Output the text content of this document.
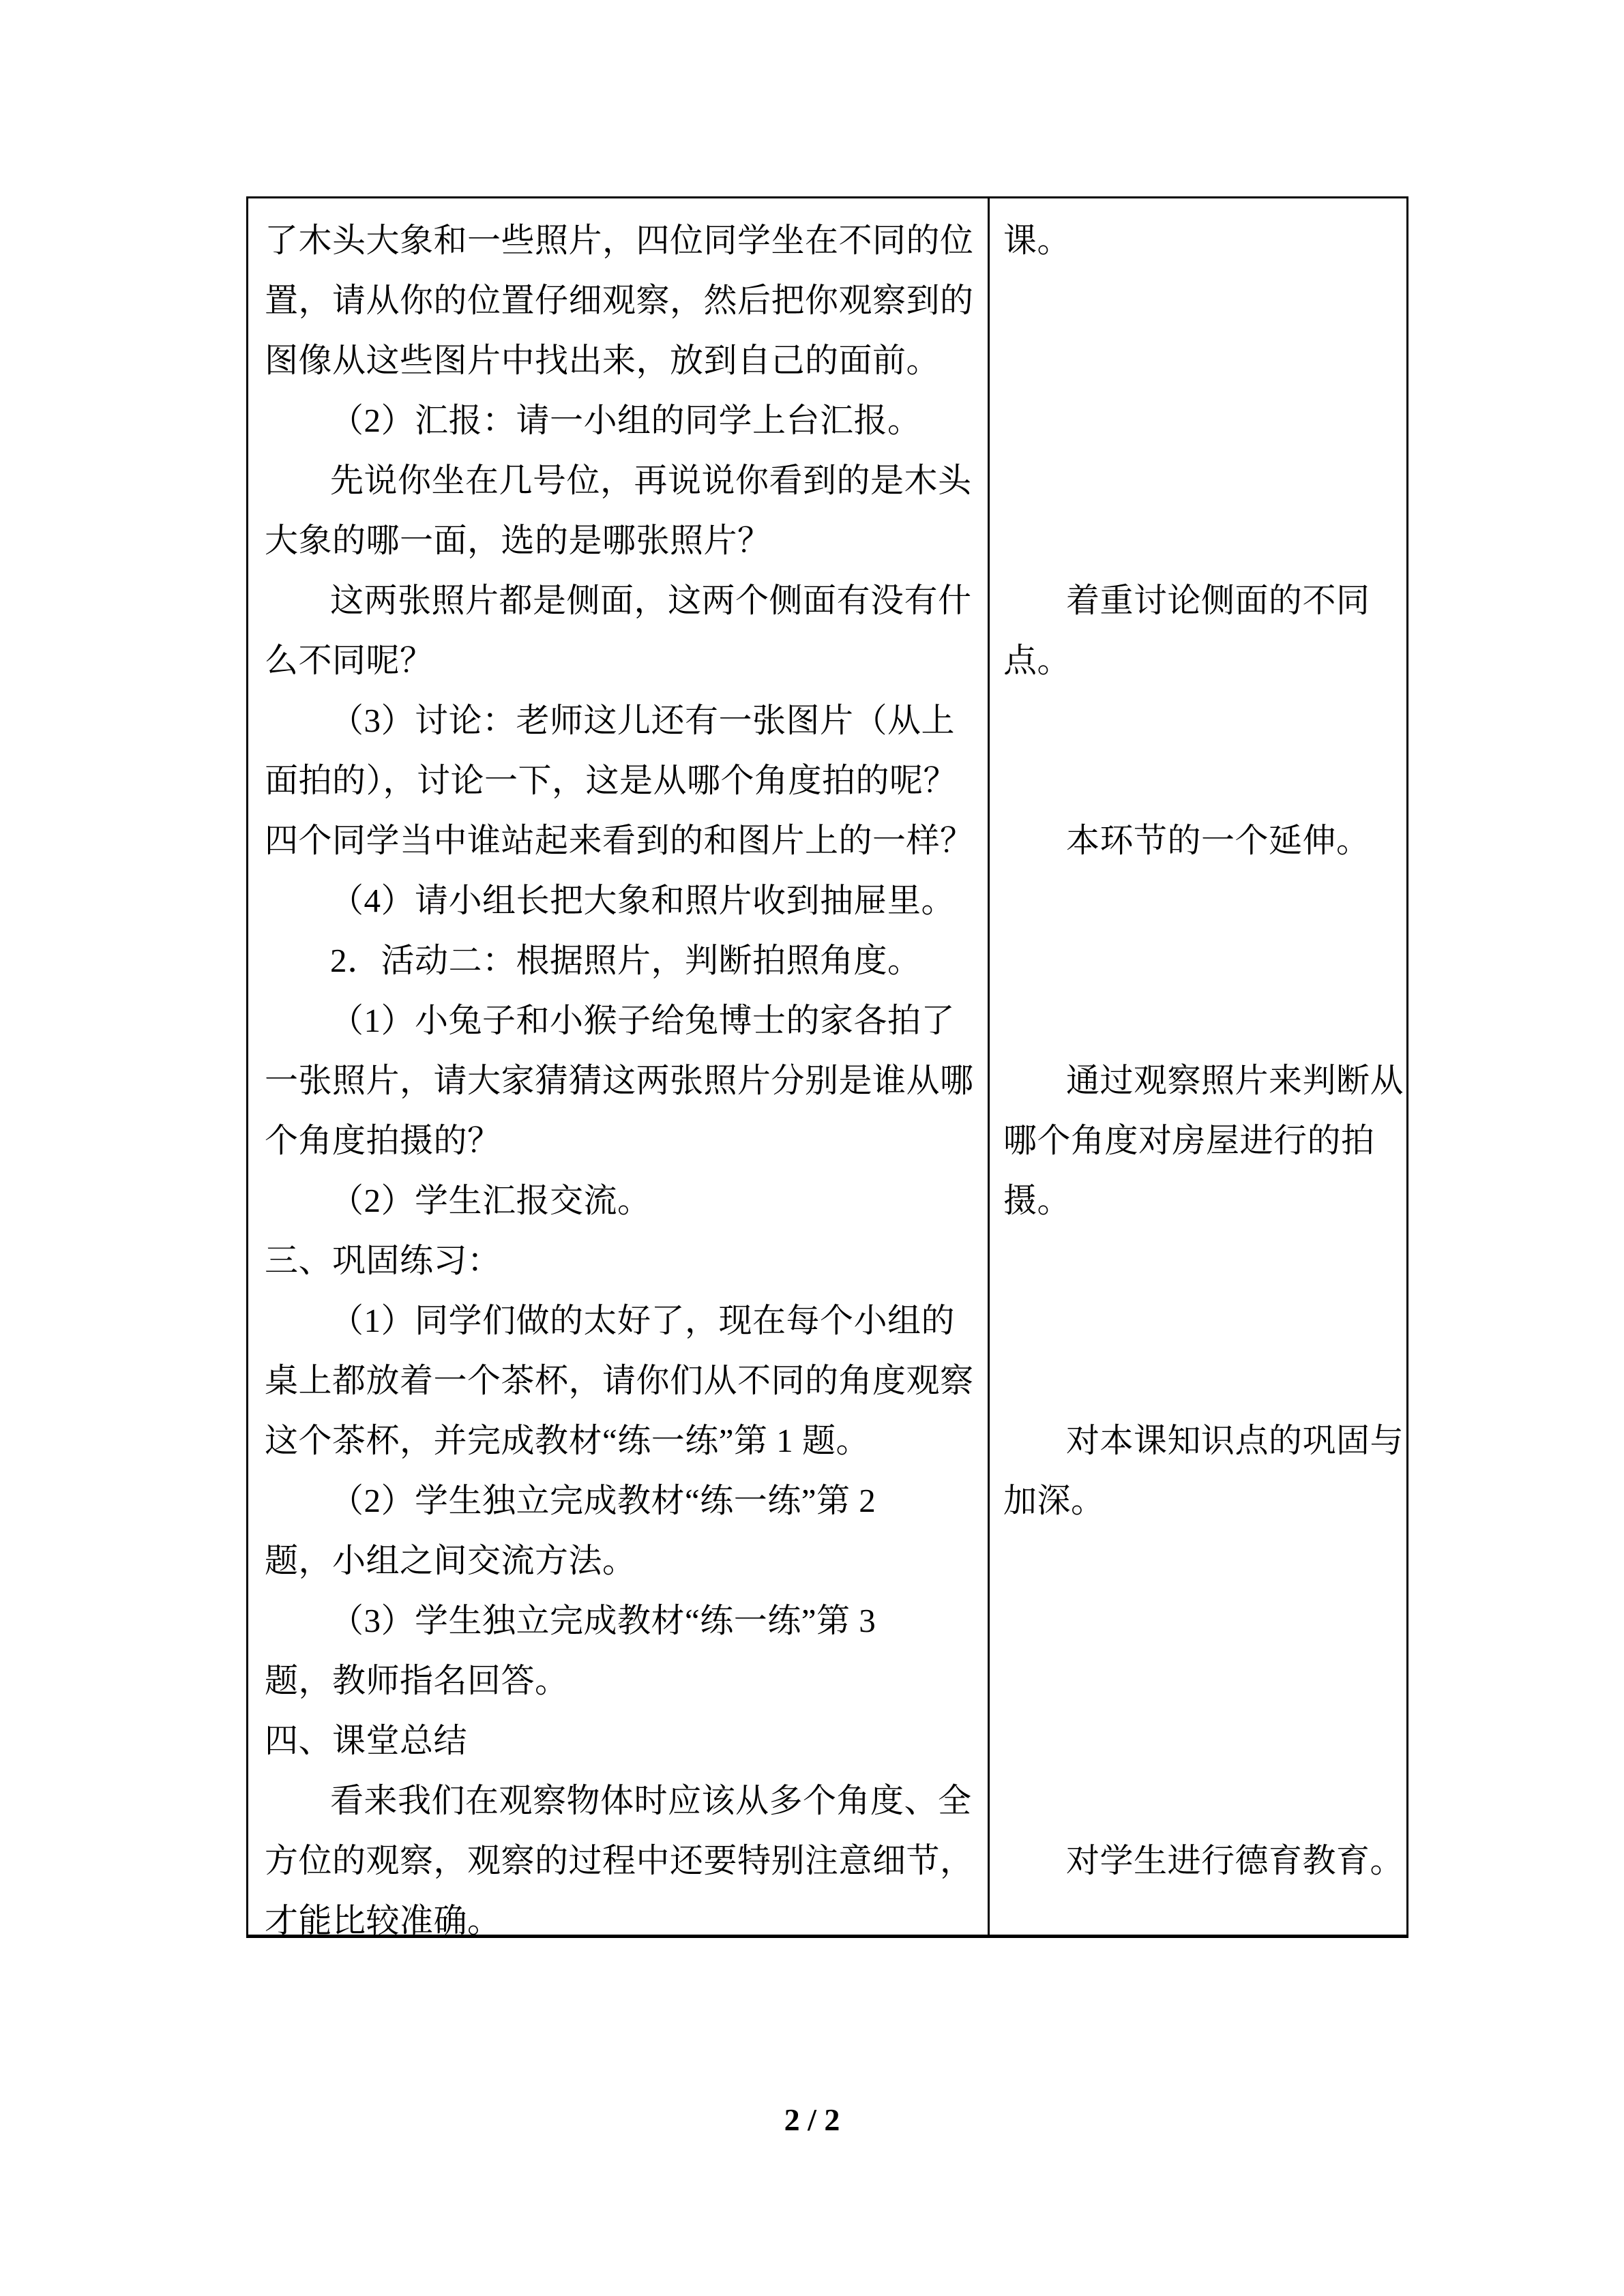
了木头大象和一些照片，四位同学坐在不同的位
置，请从你的位置仔细观察，然后把你观察到的
图像从这些图片中找出来，放到自己的面前。
（2）汇报：请一小组的同学上台汇报。
先说你坐在几号位，再说说你看到的是木头
大象的哪一面，选的是哪张照片？
这两张照片都是侧面，这两个侧面有没有什
么不同呢？
（3）讨论：老师这儿还有一张图片（从上
面拍的），讨论一下，这是从哪个角度拍的呢？
四个同学当中谁站起来看到的和图片上的一样？
（4）请小组长把大象和照片收到抽屉里。
2．活动二：根据照片，判断拍照角度。
（1）小兔子和小猴子给兔博士的家各拍了
一张照片，请大家猜猜这两张照片分别是谁从哪
个角度拍摄的？
（2）学生汇报交流。
三、巩固练习：
（1）同学们做的太好了，现在每个小组的
桌上都放着一个茶杯，请你们从不同的角度观察
这个茶杯，并完成教材“练一练”第 1 题。
（2）学生独立完成教材“练一练”第 2
题，小组之间交流方法。
（3）学生独立完成教材“练一练”第 3
题，教师指名回答。
四、课堂总结
看来我们在观察物体时应该从多个角度、全
方位的观察，观察的过程中还要特别注意细节，
才能比较准确。
课。
着重讨论侧面的不同
点。
本环节的一个延伸。
通过观察照片来判断从
哪个角度对房屋进行的拍
摄。
对本课知识点的巩固与
加深。
对学生进行德育教育。
2 / 2
